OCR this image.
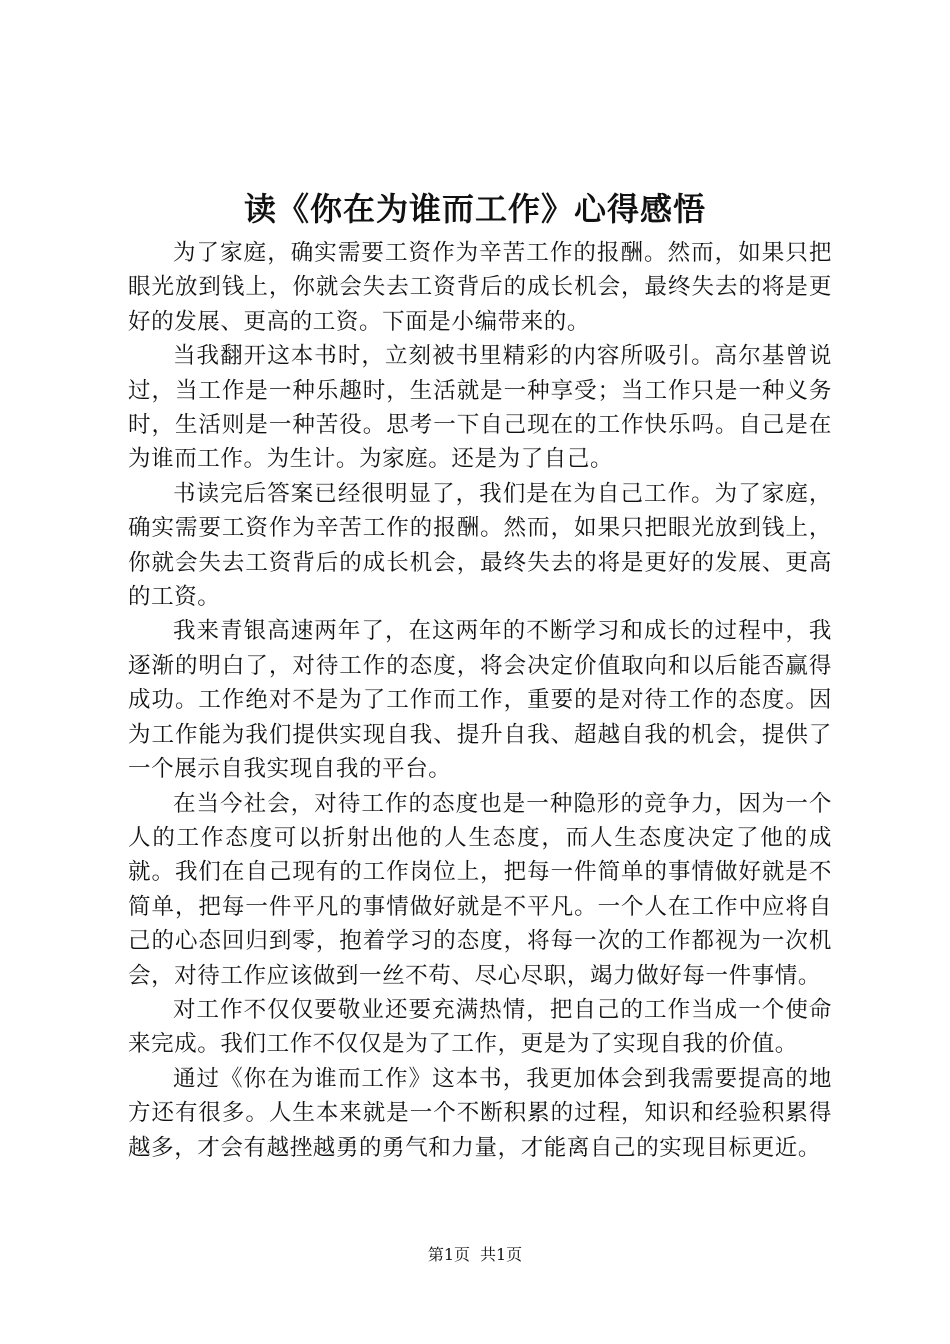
读《你在为谁而工作》心得感悟

为了家庭，确实需要工资作为辛苦工作的报酬。然而，如果只把眼光放到钱上，你就会失去工资背后的成长机会，最终失去的将是更好的发展、更高的工资。下面是小编带来的。

当我翻开这本书时，立刻被书里精彩的内容所吸引。高尔基曾说过，当工作是一种乐趣时，生活就是一种享受；当工作只是一种义务时，生活则是一种苦役。思考一下自己现在的工作快乐吗。自己是在为谁而工作。为生计。为家庭。还是为了自己。

书读完后答案已经很明显了，我们是在为自己工作。为了家庭，确实需要工资作为辛苦工作的报酬。然而，如果只把眼光放到钱上，你就会失去工资背后的成长机会，最终失去的将是更好的发展、更高的工资。

我来青银高速两年了，在这两年的不断学习和成长的过程中，我逐渐的明白了，对待工作的态度，将会决定价值取向和以后能否赢得成功。工作绝对不是为了工作而工作，重要的是对待工作的态度。因为工作能为我们提供实现自我、提升自我、超越自我的机会，提供了一个展示自我实现自我的平台。

在当今社会，对待工作的态度也是一种隐形的竞争力，因为一个人的工作态度可以折射出他的人生态度，而人生态度决定了他的成就。我们在自己现有的工作岗位上，把每一件简单的事情做好就是不简单，把每一件平凡的事情做好就是不平凡。一个人在工作中应将自己的心态回归到零，抱着学习的态度，将每一次的工作都视为一次机会，对待工作应该做到一丝不苟、尽心尽职，竭力做好每一件事情。

对工作不仅仅要敬业还要充满热情，把自己的工作当成一个使命来完成。我们工作不仅仅是为了工作，更是为了实现自我的价值。

通过《你在为谁而工作》这本书，我更加体会到我需要提高的地方还有很多。人生本来就是一个不断积累的过程，知识和经验积累得越多，才会有越挫越勇的勇气和力量，才能离自己的实现目标更近。

第1页 共1页
